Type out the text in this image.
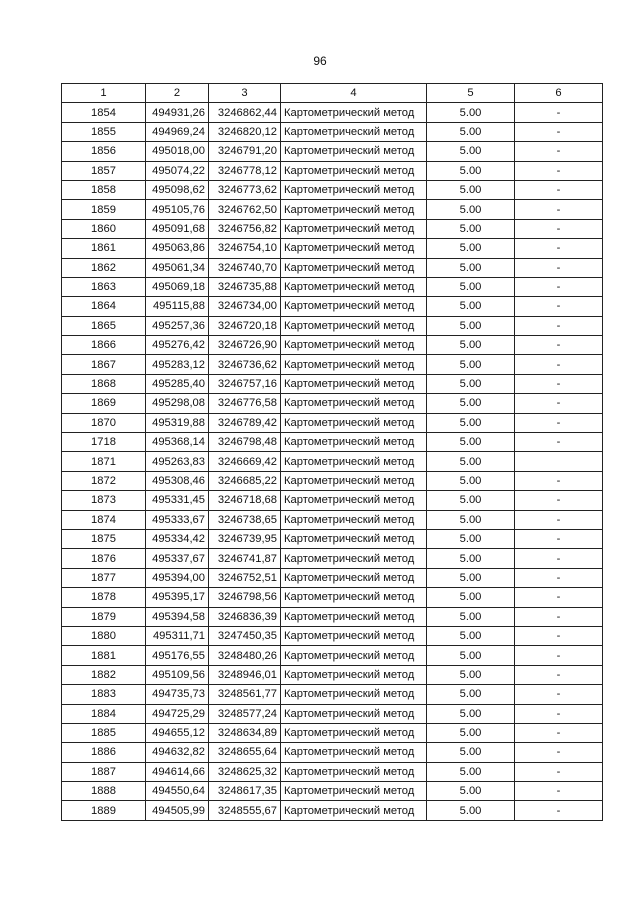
96
1	2	3	4	5	6
1854	494931,26	3246862,44	Картометрический метод	5.00	-
1855	494969,24	3246820,12	Картометрический метод	5.00	-
1856	495018,00	3246791,20	Картометрический метод	5.00	-
1857	495074,22	3246778,12	Картометрический метод	5.00	-
1858	495098,62	3246773,62	Картометрический метод	5.00	-
1859	495105,76	3246762,50	Картометрический метод	5.00	-
1860	495091,68	3246756,82	Картометрический метод	5.00	-
1861	495063,86	3246754,10	Картометрический метод	5.00	-
1862	495061,34	3246740,70	Картометрический метод	5.00	-
1863	495069,18	3246735,88	Картометрический метод	5.00	-
1864	495115,88	3246734,00	Картометрический метод	5.00	-
1865	495257,36	3246720,18	Картометрический метод	5.00	-
1866	495276,42	3246726,90	Картометрический метод	5.00	-
1867	495283,12	3246736,62	Картометрический метод	5.00	-
1868	495285,40	3246757,16	Картометрический метод	5.00	-
1869	495298,08	3246776,58	Картометрический метод	5.00	-
1870	495319,88	3246789,42	Картометрический метод	5.00	-
1718	495368,14	3246798,48	Картометрический метод	5.00	-
1871	495263,83	3246669,42	Картометрический метод	5.00	
1872	495308,46	3246685,22	Картометрический метод	5.00	-
1873	495331,45	3246718,68	Картометрический метод	5.00	-
1874	495333,67	3246738,65	Картометрический метод	5.00	-
1875	495334,42	3246739,95	Картометрический метод	5.00	-
1876	495337,67	3246741,87	Картометрический метод	5.00	-
1877	495394,00	3246752,51	Картометрический метод	5.00	-
1878	495395,17	3246798,56	Картометрический метод	5.00	-
1879	495394,58	3246836,39	Картометрический метод	5.00	-
1880	495311,71	3247450,35	Картометрический метод	5.00	-
1881	495176,55	3248480,26	Картометрический метод	5.00	-
1882	495109,56	3248946,01	Картометрический метод	5.00	-
1883	494735,73	3248561,77	Картометрический метод	5.00	-
1884	494725,29	3248577,24	Картометрический метод	5.00	-
1885	494655,12	3248634,89	Картометрический метод	5.00	-
1886	494632,82	3248655,64	Картометрический метод	5.00	-
1887	494614,66	3248625,32	Картометрический метод	5.00	-
1888	494550,64	3248617,35	Картометрический метод	5.00	-
1889	494505,99	3248555,67	Картометрический метод	5.00	-
